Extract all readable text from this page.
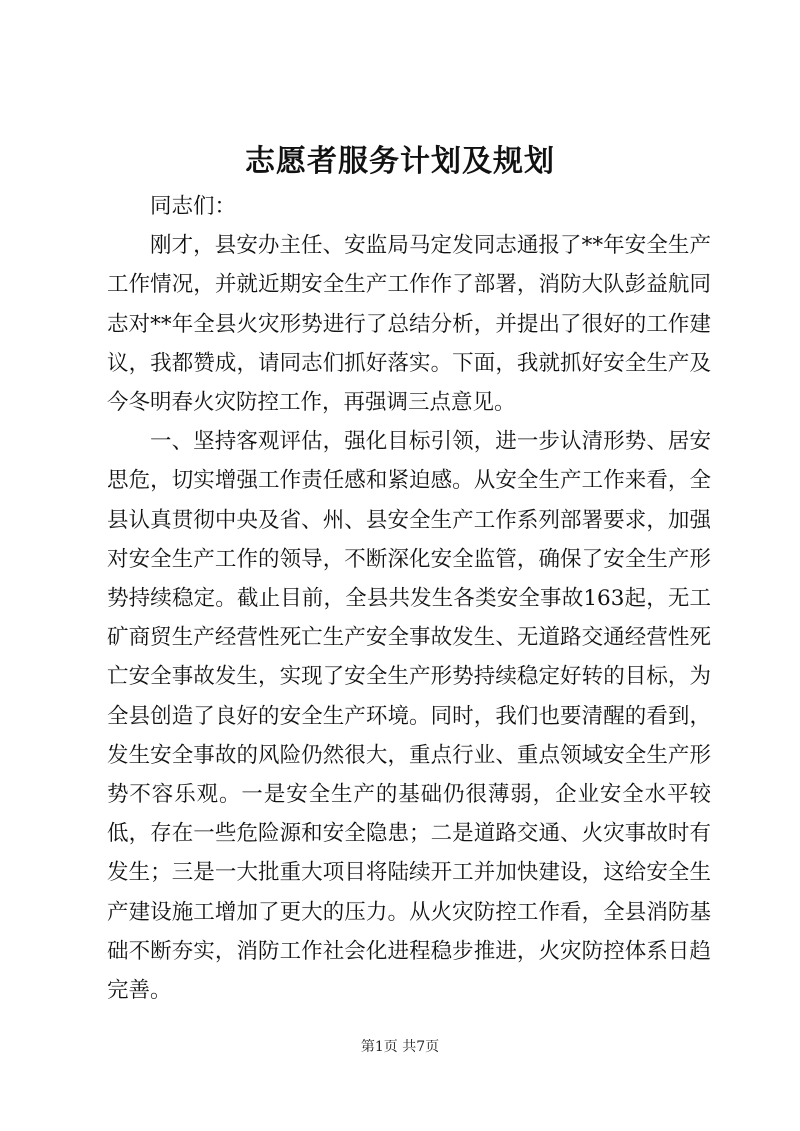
志愿者服务计划及规划

同志们：

刚才，县安办主任、安监局马定发同志通报了**年安全生产工作情况，并就近期安全生产工作作了部署，消防大队彭益航同志对**年全县火灾形势进行了总结分析，并提出了很好的工作建议，我都赞成，请同志们抓好落实。下面，我就抓好安全生产及今冬明春火灾防控工作，再强调三点意见。

一、坚持客观评估，强化目标引领，进一步认清形势、居安思危，切实增强工作责任感和紧迫感。从安全生产工作来看，全县认真贯彻中央及省、州、县安全生产工作系列部署要求，加强对安全生产工作的领导，不断深化安全监管，确保了安全生产形势持续稳定。截止目前，全县共发生各类安全事故163起，无工矿商贸生产经营性死亡生产安全事故发生、无道路交通经营性死亡安全事故发生，实现了安全生产形势持续稳定好转的目标，为全县创造了良好的安全生产环境。同时，我们也要清醒的看到，发生安全事故的风险仍然很大，重点行业、重点领域安全生产形势不容乐观。一是安全生产的基础仍很薄弱，企业安全水平较低，存在一些危险源和安全隐患；二是道路交通、火灾事故时有发生；三是一大批重大项目将陆续开工并加快建设，这给安全生产建设施工增加了更大的压力。从火灾防控工作看，全县消防基础不断夯实，消防工作社会化进程稳步推进，火灾防控体系日趋完善。

第1页 共7页
